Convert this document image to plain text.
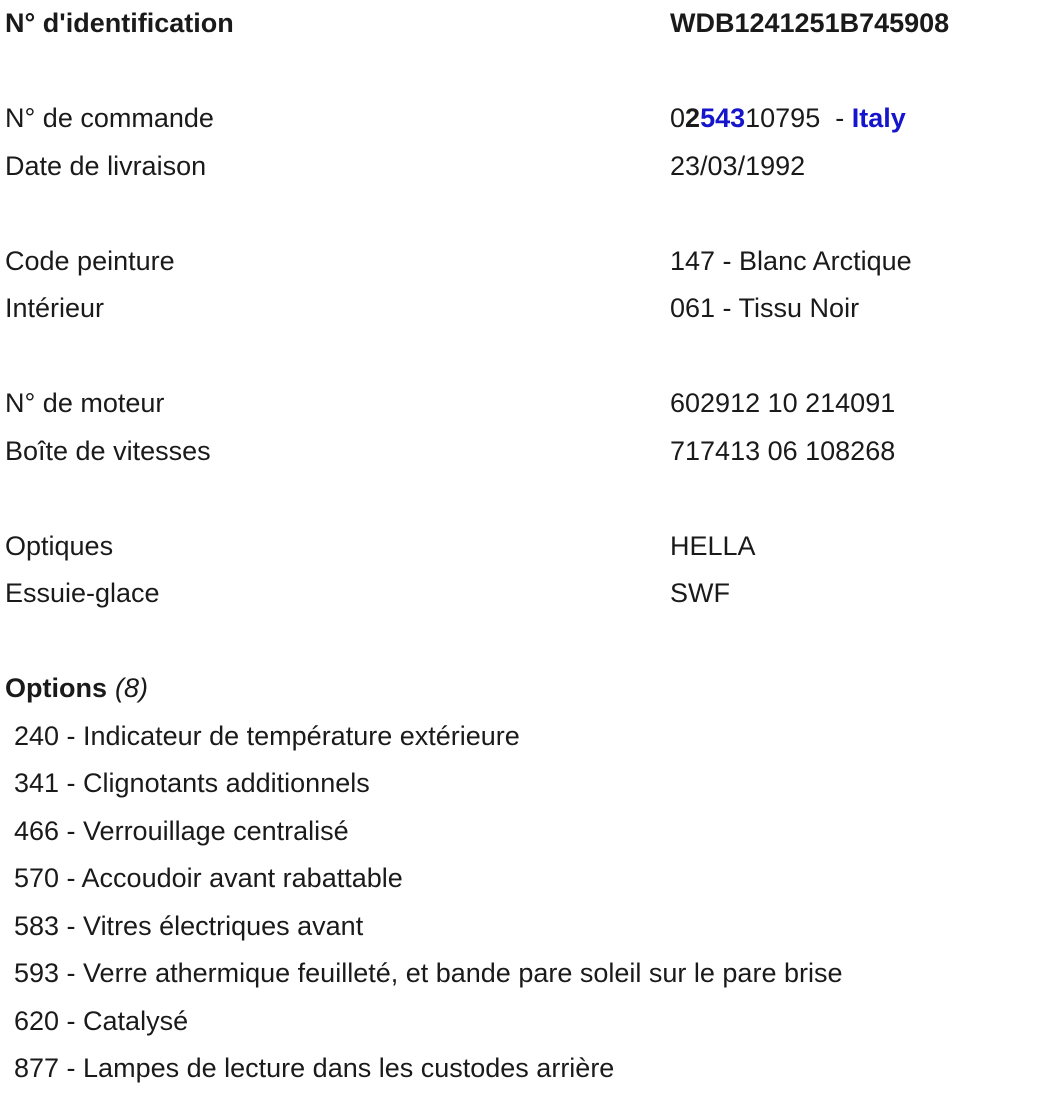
N° d'identification	WDB1241251B745908
N° de commande	0254310795  - Italy
Date de livraison	23/03/1992
Code peinture	147 - Blanc Arctique
Intérieur	061 - Tissu Noir
N° de moteur	602912 10 214091
Boîte de vitesses	717413 06 108268
Optiques	HELLA
Essuie-glace	SWF
Options (8)
240 - Indicateur de température extérieure
341 - Clignotants additionnels
466 - Verrouillage centralisé
570 - Accoudoir avant rabattable
583 - Vitres électriques avant
593 - Verre athermique feuilleté, et bande pare soleil sur le pare brise
620 - Catalysé
877 - Lampes de lecture dans les custodes arrière
